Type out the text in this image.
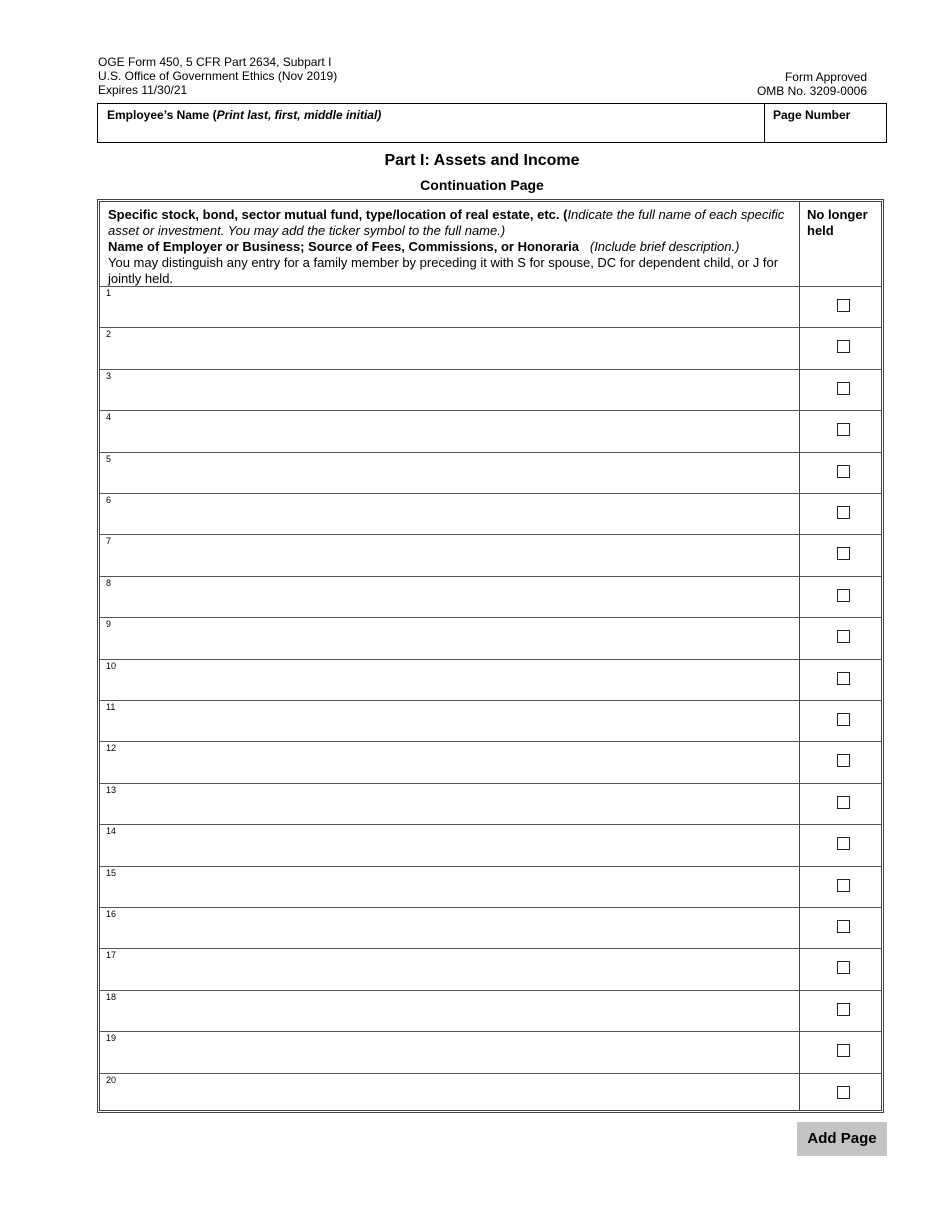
OGE Form 450, 5 CFR Part 2634, Subpart I
U.S. Office of Government Ethics (Nov 2019)
Expires 11/30/21
Form Approved
OMB No. 3209-0006
Employee’s Name (Print last, first, middle initial)	Page Number
Part I: Assets and Income
Continuation Page
Specific stock, bond, sector mutual fund, type/location of real estate, etc. (Indicate the full name of each specific asset or investment. You may add the ticker symbol to the full name.)
Name of Employer or Business; Source of Fees, Commissions, or Honoraria (Include brief description.)
You may distinguish any entry for a family member by preceding it with S for spouse, DC for dependent child, or J for jointly held.
No longer held
1
2
3
4
5
6
7
8
9
10
11
12
13
14
15
16
17
18
19
20
Add Page
